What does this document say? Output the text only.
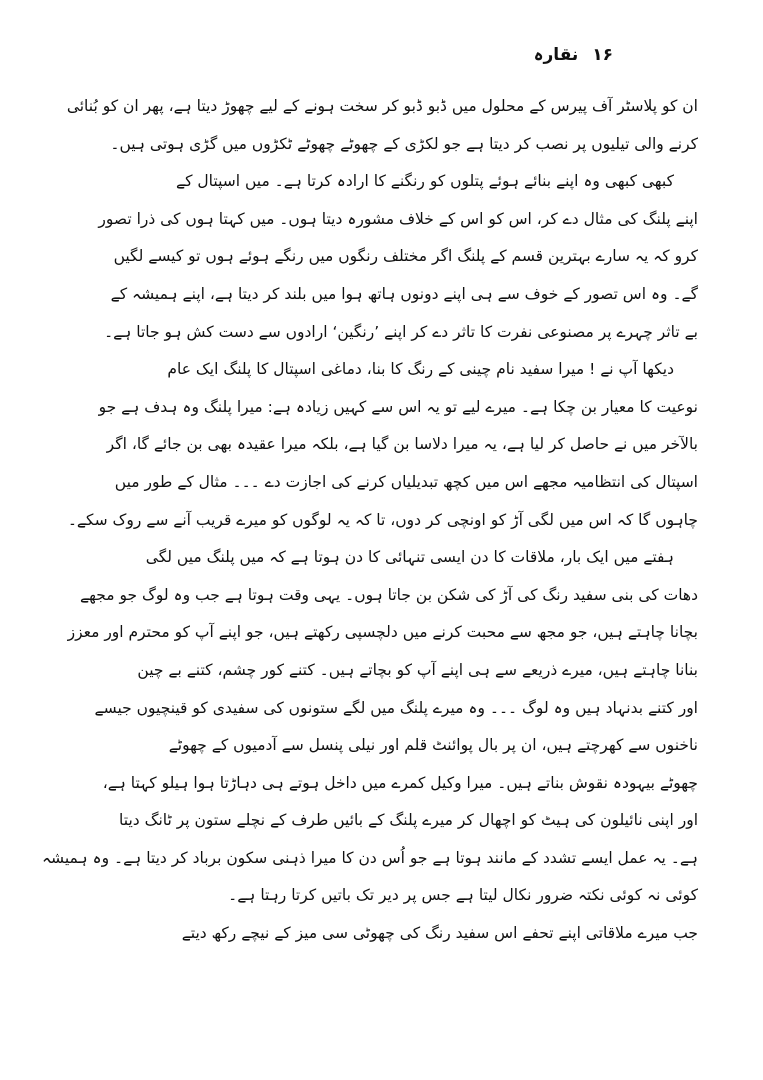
۱۶ نقارہ
ان کو پلاسٹر آف پیرس کے محلول میں ڈبو ڈبو کر سخت ہونے کے لیے چھوڑ دیتا ہے، پھر ان کو بُنائی
کرنے والی تیلیوں پر نصب کر دیتا ہے جو لکڑی کے چھوٹے چھوٹے ٹکڑوں میں گڑی ہوتی ہیں۔
کبھی کبھی وہ اپنے بنائے ہوئے پتلوں کو رنگنے کا ارادہ کرتا ہے۔ میں اسپتال کے
اپنے پلنگ کی مثال دے کر، اس کو اس کے خلاف مشورہ دیتا ہوں۔ میں کہتا ہوں کی ذرا تصور
کرو کہ یہ سارے بہترین قسم کے پلنگ اگر مختلف رنگوں میں رنگے ہوئے ہوں تو کیسے لگیں
گے۔ وہ اس تصور کے خوف سے ہی اپنے دونوں ہاتھ ہوا میں بلند کر دیتا ہے، اپنے ہمیشہ کے
بے تاثر چہرے پر مصنوعی نفرت کا تاثر دے کر اپنے ’رنگین‘ ارادوں سے دست کش ہو جاتا ہے۔
دیکھا آپ نے ! میرا سفید نام چینی کے رنگ کا بنا، دماغی اسپتال کا پلنگ ایک عام
نوعیت کا معیار بن چکا ہے۔ میرے لیے تو یہ اس سے کہیں زیادہ ہے: میرا پلنگ وہ ہدف ہے جو
بالآخر میں نے حاصل کر لیا ہے، یہ میرا دلاسا بن گیا ہے، بلکہ میرا عقیدہ بھی بن جائے گا، اگر
اسپتال کی انتظامیہ مجھے اس میں کچھ تبدیلیاں کرنے کی اجازت دے ۔۔۔ مثال کے طور میں
چاہوں گا کہ اس میں لگی آڑ کو اونچی کر دوں، تا کہ یہ لوگوں کو میرے قریب آنے سے روک سکے۔
ہفتے میں ایک بار، ملاقات کا دن ایسی تنہائی کا دن ہوتا ہے کہ میں پلنگ میں لگی
دھات کی بنی سفید رنگ کی آڑ کی شکن بن جاتا ہوں۔ یہی وقت ہوتا ہے جب وہ لوگ جو مجھے
بچانا چاہتے ہیں، جو مجھ سے محبت کرنے میں دلچسپی رکھتے ہیں، جو اپنے آپ کو محترم اور معزز
بنانا چاہتے ہیں، میرے ذریعے سے ہی اپنے آپ کو بچاتے ہیں۔ کتنے کور چشم، کتنے بے چین
اور کتنے بدنہاد ہیں وہ لوگ ۔۔۔ وہ میرے پلنگ میں لگے ستونوں کی سفیدی کو قینچیوں جیسے
ناخنوں سے کھرچتے ہیں، ان پر بال پوائنٹ قلم اور نیلی پنسل سے آدمیوں کے چھوٹے
چھوٹے بیہودہ نقوش بناتے ہیں۔ میرا وکیل کمرے میں داخل ہوتے ہی دہاڑتا ہوا ہیلو کہتا ہے،
اور اپنی نائیلون کی ہیٹ کو اچھال کر میرے پلنگ کے بائیں طرف کے نچلے ستون پر ٹانگ دیتا
ہے۔ یہ عمل ایسے تشدد کے مانند ہوتا ہے جو اُس دن کا میرا ذہنی سکون برباد کر دیتا ہے۔ وہ ہمیشہ
کوئی نہ کوئی نکتہ ضرور نکال لیتا ہے جس پر دیر تک باتیں کرتا رہتا ہے۔
جب میرے ملاقاتی اپنے تحفے اس سفید رنگ کی چھوٹی سی میز کے نیچے رکھ دیتے
